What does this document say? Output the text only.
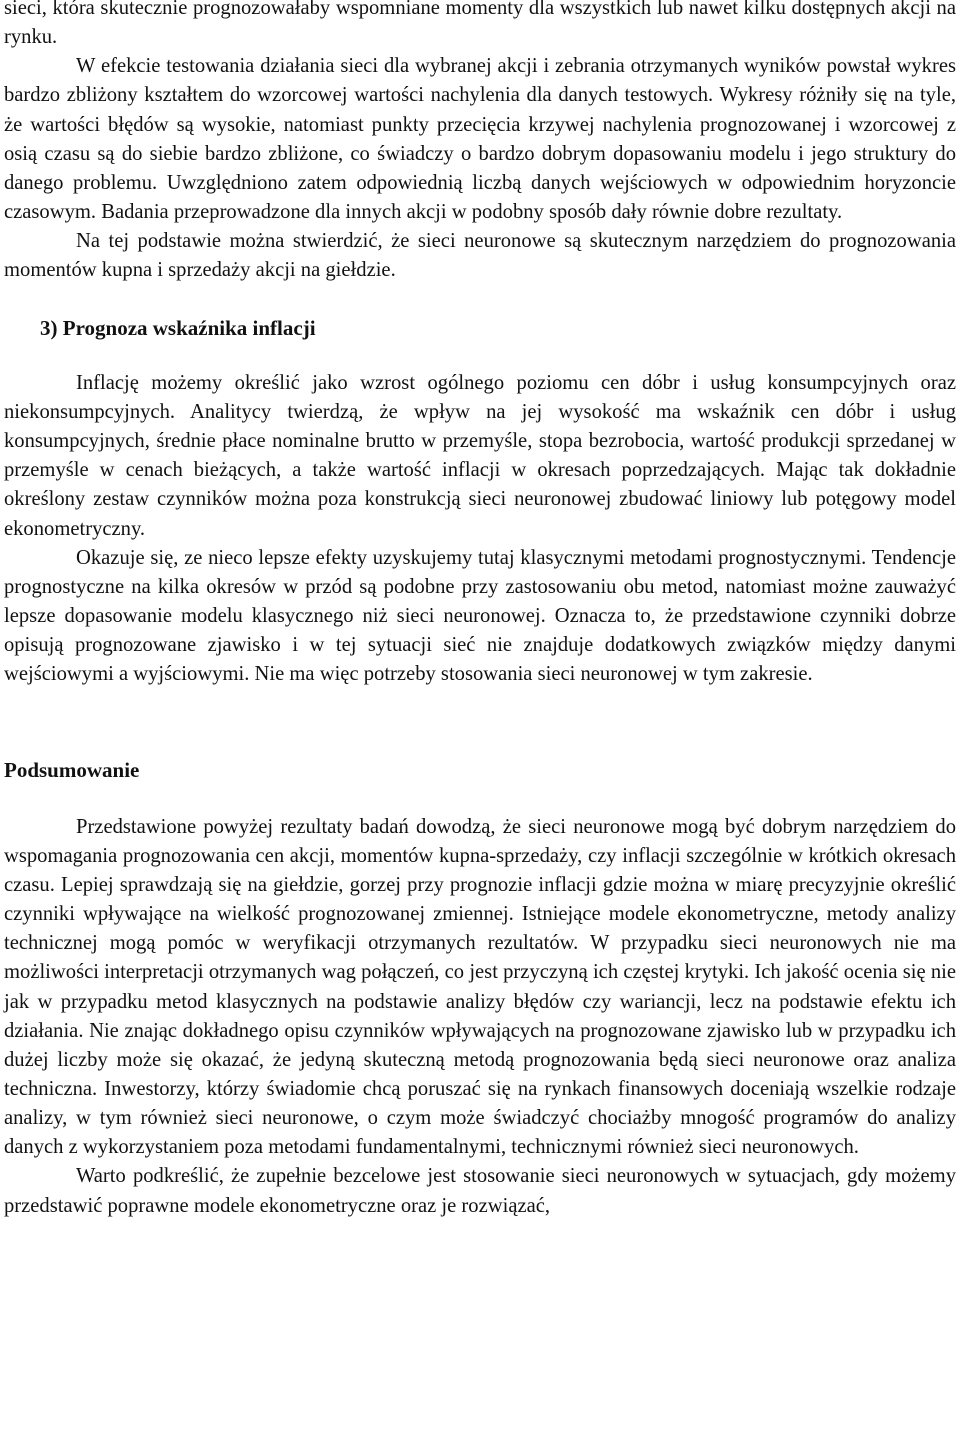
sieci, która skutecznie prognozowałaby wspomniane momenty dla wszystkich lub nawet kilku dostępnych akcji na rynku.

W efekcie testowania działania sieci dla wybranej akcji i zebrania otrzymanych wyników powstał wykres bardzo zbliżony kształtem do wzorcowej wartości nachylenia dla danych testowych. Wykresy różniły się na tyle, że wartości błędów są wysokie, natomiast punkty przecięcia krzywej nachylenia prognozowanej i wzorcowej z osią czasu są do siebie bardzo zbliżone, co świadczy o bardzo dobrym dopasowaniu modelu i jego struktury do danego problemu. Uwzględniono zatem odpowiednią liczbą danych wejściowych w odpowiednim horyzoncie czasowym. Badania przeprowadzone dla innych akcji w podobny sposób dały równie dobre rezultaty.

Na tej podstawie można stwierdzić, że sieci neuronowe są skutecznym narzędziem do prognozowania momentów kupna i sprzedaży akcji na giełdzie.

3) Prognoza wskaźnika inflacji

Inflację możemy określić jako wzrost ogólnego poziomu cen dóbr i usług konsumpcyjnych oraz niekonsumpcyjnych. Analitycy twierdzą, że wpływ na jej wysokość ma wskaźnik cen dóbr i usług konsumpcyjnych, średnie płace nominalne brutto w przemyśle, stopa bezrobocia, wartość produkcji sprzedanej w przemyśle w cenach bieżących, a także wartość inflacji w okresach poprzedzających. Mając tak dokładnie określony zestaw czynników można poza konstrukcją sieci neuronowej zbudować liniowy lub potęgowy model ekonometryczny.

Okazuje się, ze nieco lepsze efekty uzyskujemy tutaj klasycznymi metodami prognostycznymi. Tendencje prognostyczne na kilka okresów w przód są podobne przy zastosowaniu obu metod, natomiast możne zauważyć lepsze dopasowanie modelu klasycznego niż sieci neuronowej. Oznacza to, że przedstawione czynniki dobrze opisują prognozowane zjawisko i w tej sytuacji sieć nie znajduje dodatkowych związków między danymi wejściowymi a wyjściowymi. Nie ma więc potrzeby stosowania sieci neuronowej w tym zakresie.

Podsumowanie

Przedstawione powyżej rezultaty badań dowodzą, że sieci neuronowe mogą być dobrym narzędziem do wspomagania prognozowania cen akcji, momentów kupna-sprzedaży, czy inflacji szczególnie w krótkich okresach czasu. Lepiej sprawdzają się na giełdzie, gorzej przy prognozie inflacji gdzie można w miarę precyzyjnie określić czynniki wpływające na wielkość prognozowanej zmiennej. Istniejące modele ekonometryczne, metody analizy technicznej mogą pomóc w weryfikacji otrzymanych rezultatów. W przypadku sieci neuronowych nie ma możliwości interpretacji otrzymanych wag połączeń, co jest przyczyną ich częstej krytyki. Ich jakość ocenia się nie jak w przypadku metod klasycznych na podstawie analizy błędów czy wariancji, lecz na podstawie efektu ich działania. Nie znając dokładnego opisu czynników wpływających na prognozowane zjawisko lub w przypadku ich dużej liczby może się okazać, że jedyną skuteczną metodą prognozowania będą sieci neuronowe oraz analiza techniczna. Inwestorzy, którzy świadomie chcą poruszać się na rynkach finansowych doceniają wszelkie rodzaje analizy, w tym również sieci neuronowe, o czym może świadczyć chociażby mnogość programów do analizy danych z wykorzystaniem poza metodami fundamentalnymi, technicznymi również sieci neuronowych.

Warto podkreślić, że zupełnie bezcelowe jest stosowanie sieci neuronowych w sytuacjach, gdy możemy przedstawić poprawne modele ekonometryczne oraz je rozwiązać,
